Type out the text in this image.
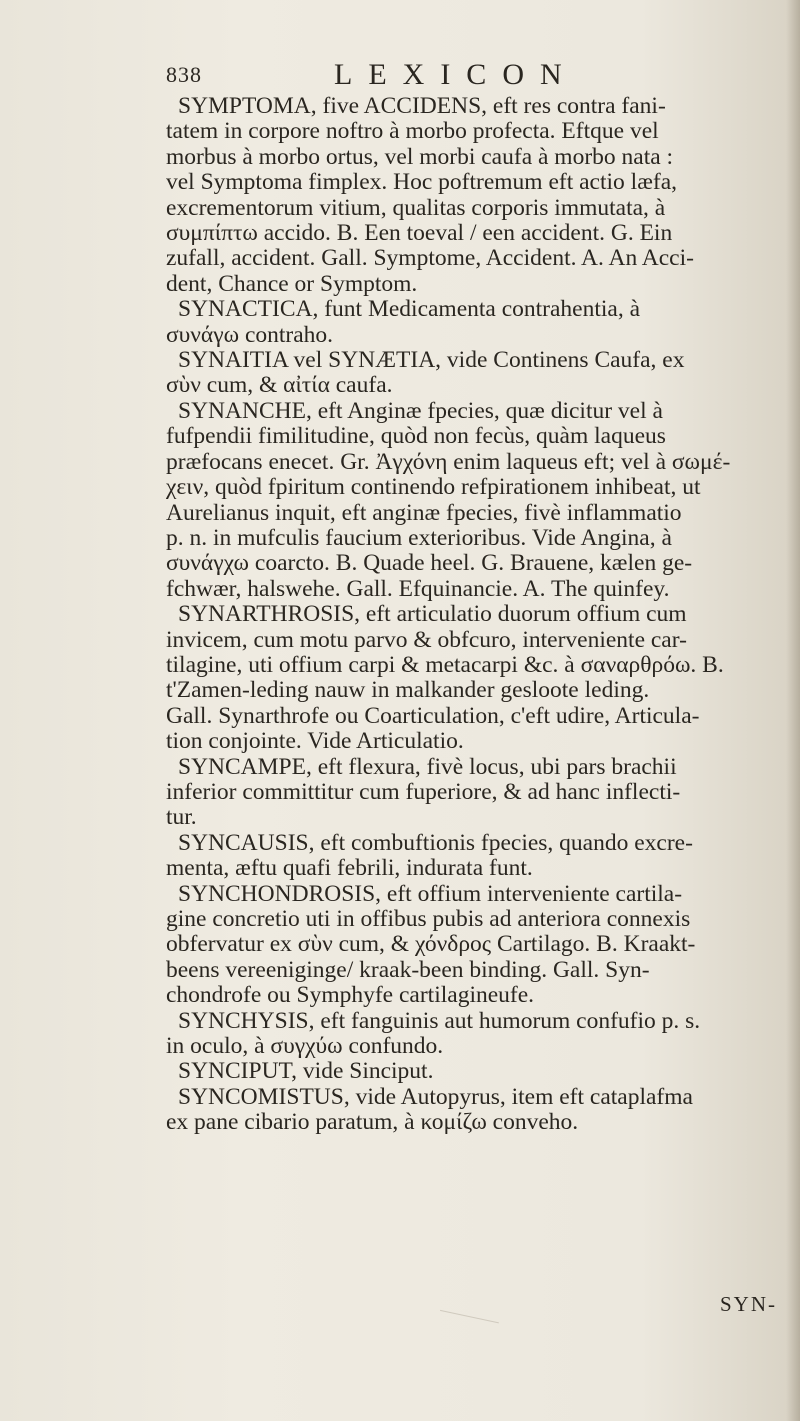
838	LEXICON
SYMPTOMA, five ACCIDENS, eft res contra fani-
tatem in corpore noftro à morbo profecta. Eftque vel
morbus à morbo ortus, vel morbi caufa à morbo nata :
vel Symptoma fimplex. Hoc poftremum eft actio læfa,
excrementorum vitium, qualitas corporis immutata, à
συμπίπτω accido. B. Een toeval / een accident. G. Ein
zufall, accident. Gall. Symptome, Accident. A. An Acci-
dent, Chance or Symptom.
SYNACTICA, funt Medicamenta contrahentia, à
συνάγω contraho.
SYNAITIA vel SYNÆTIA, vide Continens Caufa, ex
σὺν cum, & αἰτία caufa.
SYNANCHE, eft Anginæ fpecies, quæ dicitur vel à
fufpendii fimilitudine, quòd non fecùs, quàm laqueus
præfocans enecet. Gr. Ἀγχόνη enim laqueus eft; vel à σωμέ-
χειν, quòd fpiritum continendo refpirationem inhibeat, ut
Aurelianus inquit, eft anginæ fpecies, fivè inflammatio
p. n. in mufculis faucium exterioribus. Vide Angina, à
συνάγχω coarcto. B. Quade heel. G. Brauene, kælen ge-
fchwær, halswehe. Gall. Efquinancie. A. The quinfey.
SYNARTHROSIS, eft articulatio duorum offium cum
invicem, cum motu parvo & obfcuro, interveniente car-
tilagine, uti offium carpi & metacarpi &c. à σαναρθρόω. B.
t'Zamen-leding nauw in malkander gesloote leding.
Gall. Synarthrofe ou Coarticulation, c'eft udire, Articula-
tion conjointe. Vide Articulatio.
SYNCAMPE, eft flexura, fivè locus, ubi pars brachii
inferior committitur cum fuperiore, & ad hanc inflecti-
tur.
SYNCAUSIS, eft combuftionis fpecies, quando excre-
menta, æftu quafi febrili, indurata funt.
SYNCHONDROSIS, eft offium interveniente cartila-
gine concretio uti in offibus pubis ad anteriora connexis
obfervatur ex σὺν cum, & χόνδρος Cartilago. B. Kraakt-
beens vereeniginge/ kraak-been binding. Gall. Syn-
chondrofe ou Symphyfe cartilagineufe.
SYNCHYSIS, eft fanguinis aut humorum confufio p. s.
in oculo, à συγχύω confundo.
SYNCIPUT, vide Sinciput.
SYNCOMISTUS, vide Autopyrus, item eft cataplafma
ex pane cibario paratum, à κομίζω conveho.
SYN-
